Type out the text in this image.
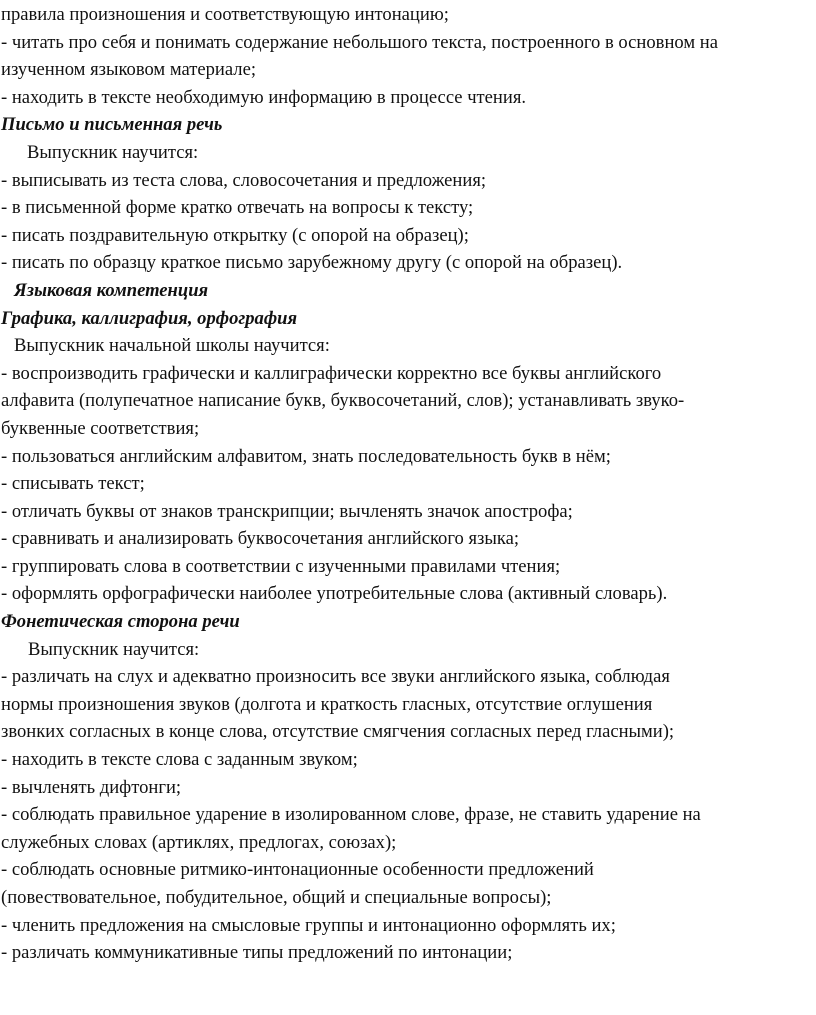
правила произношения и соответствующую интонацию;
- читать про себя и понимать содержание небольшого текста, построенного в основном на
изученном языковом материале;
- находить в тексте необходимую информацию в процессе чтения.
Письмо и письменная речь
Выпускник научится:
- выписывать из теста слова, словосочетания и предложения;
- в письменной форме кратко отвечать на вопросы к тексту;
- писать поздравительную открытку (с опорой на образец);
- писать по образцу краткое письмо зарубежному другу (с опорой на образец).
Языковая компетенция
Графика, каллиграфия, орфография
Выпускник начальной школы научится:
- воспроизводить графически и каллиграфически корректно все буквы английского
алфавита (полупечатное написание букв, буквосочетаний, слов); устанавливать звуко-
буквенные соответствия;
- пользоваться английским алфавитом, знать последовательность букв в нём;
- списывать текст;
- отличать буквы от знаков транскрипции; вычленять значок апострофа;
- сравнивать и анализировать буквосочетания английского языка;
- группировать слова в соответствии с изученными правилами чтения;
- оформлять орфографически наиболее употребительные слова (активный словарь).
Фонетическая сторона речи
Выпускник научится:
- различать на слух и адекватно произносить все звуки английского языка, соблюдая
нормы произношения звуков (долгота и краткость гласных, отсутствие оглушения
звонких согласных в конце слова, отсутствие смягчения согласных перед гласными);
- находить в тексте слова с заданным звуком;
- вычленять дифтонги;
- соблюдать правильное ударение в изолированном слове, фразе, не ставить ударение на
служебных словах (артиклях, предлогах, союзах);
- соблюдать основные ритмико-интонационные особенности предложений
(повествовательное, побудительное, общий и специальные вопросы);
- членить предложения на смысловые группы и интонационно оформлять их;
- различать коммуникативные типы предложений по интонации;
